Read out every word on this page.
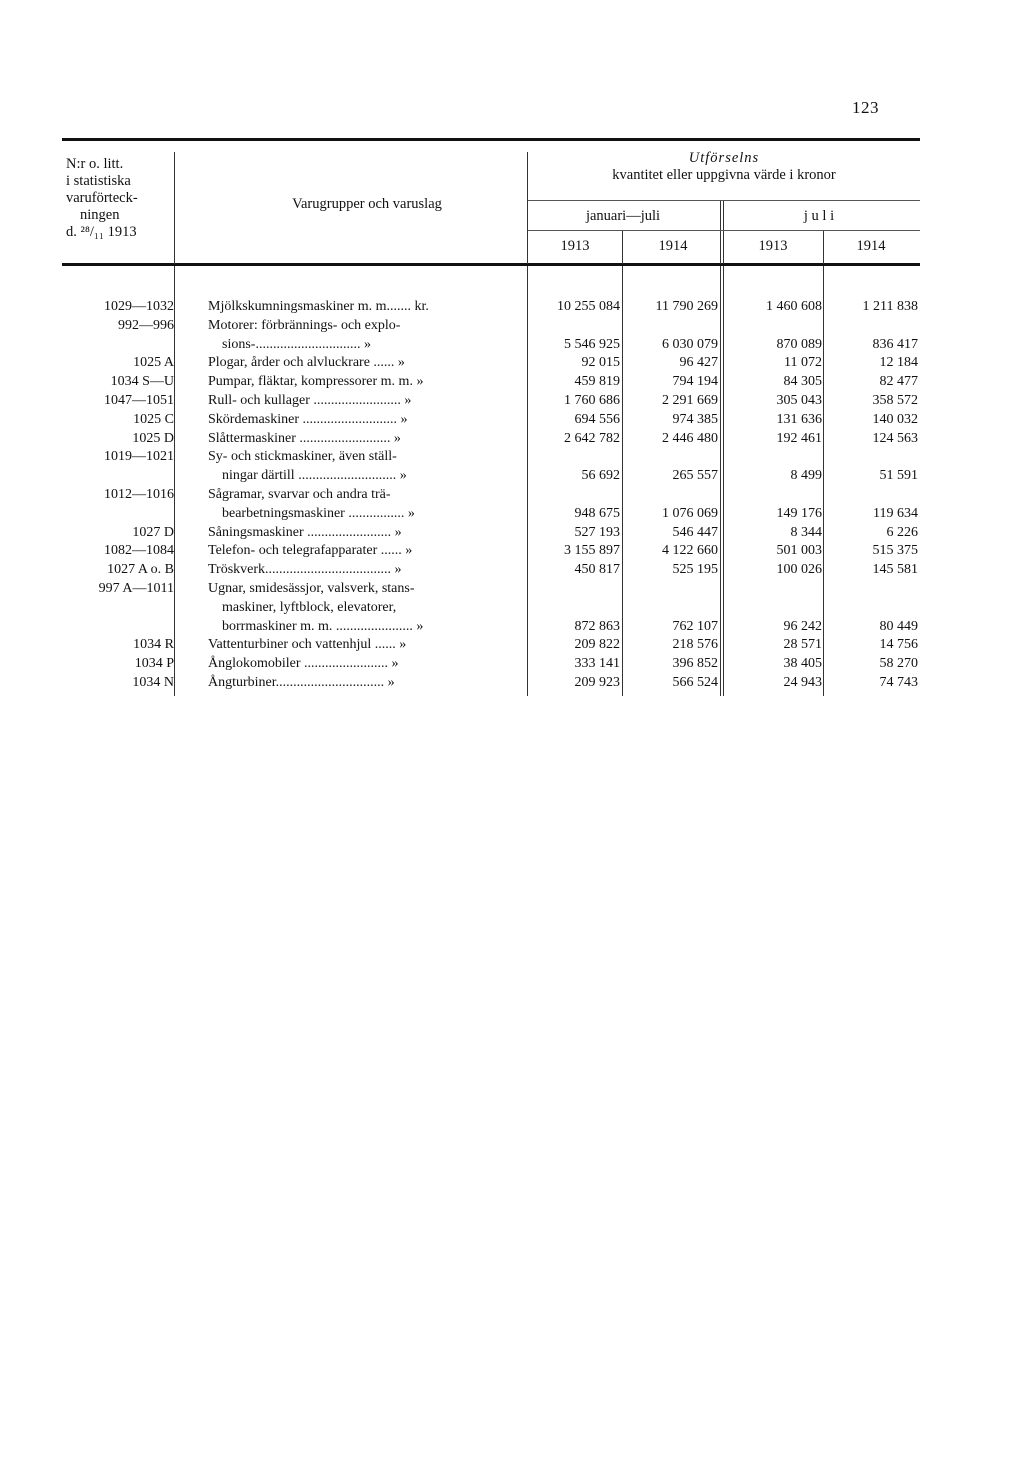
123
N:r o. litt.
i statistiska
varuförteck-
ningen
d. ²⁸/₁₁ 1913
Varugrupper och varuslag
Utförselns
kvantitet eller uppgivna värde i kronor
januari—juli	j u l i
1913	1914	1913	1914
1029—1032 Mjölkskumningsmaskiner m. m....... kr.	10 255 084	11 790 269	1 460 608	1 211 838
992—996 Motorer: förbrännings- och explo-
sions-.............................. »	5 546 925	6 030 079	870 089	836 417
1025 A Plogar, årder och alvluckrare ...... »	92 015	96 427	11 072	12 184
1034 S—U Pumpar, fläktar, kompressorer m. m. »	459 819	794 194	84 305	82 477
1047—1051 Rull- och kullager ......................... »	1 760 686	2 291 669	305 043	358 572
1025 C Skördemaskiner ........................... »	694 556	974 385	131 636	140 032
1025 D Slåttermaskiner .......................... »	2 642 782	2 446 480	192 461	124 563
1019—1021 Sy- och stickmaskiner, även ställ-
ningar därtill ............................ »	56 692	265 557	8 499	51 591
1012—1016 Sågramar, svarvar och andra trä-
bearbetningsmaskiner ................ »	948 675	1 076 069	149 176	119 634
1027 D Såningsmaskiner ........................ »	527 193	546 447	8 344	6 226
1082—1084 Telefon- och telegrafapparater ...... »	3 155 897	4 122 660	501 003	515 375
1027 A o. B Tröskverk.................................... »	450 817	525 195	100 026	145 581
997 A—1011 Ugnar, smidesässjor, valsverk, stans-
maskiner, lyftblock, elevatorer,
borrmaskiner m. m. ...................... »	872 863	762 107	96 242	80 449
1034 R Vattenturbiner och vattenhjul ...... »	209 822	218 576	28 571	14 756
1034 P Ånglokomobiler ........................ »	333 141	396 852	38 405	58 270
1034 N Ångturbiner............................... »	209 923	566 524	24 943	74 743
